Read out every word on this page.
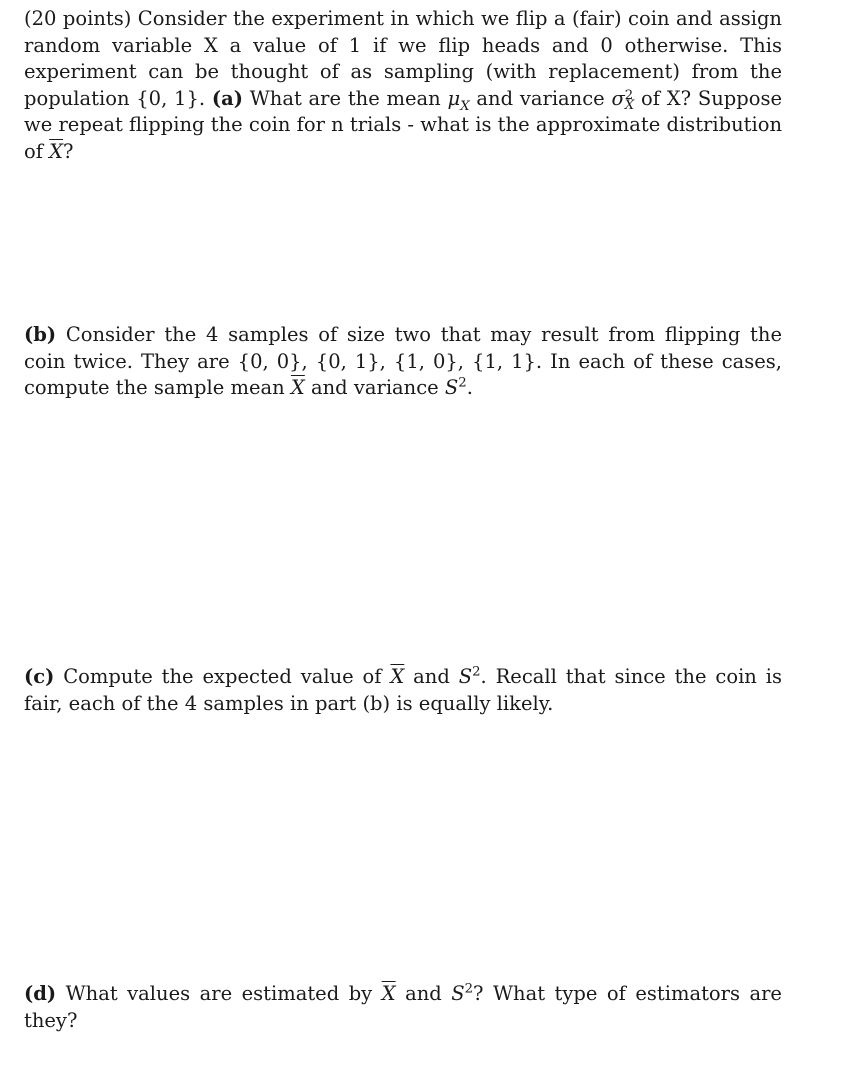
(20 points) Consider the experiment in which we flip a (fair) coin and assign random variable X a value of 1 if we flip heads and 0 otherwise. This experiment can be thought of as sampling (with replacement) from the population {0, 1}. (a) What are the mean $\mu_X$ and variance σ 2
X of X? Suppose we repeat flipping the coin for n trials - what is the approximate distribution of $\overline{X}$?

(b) Consider the 4 samples of size two that may result from flipping the coin twice. They are {0, 0}, {0, 1}, {1, 0}, {1, 1}. In each of these cases, compute the sample mean $\overline{X}$ and variance $S^2$.

(c) Compute the expected value of $\overline{X}$ and $S^2$. Recall that since the coin is fair, each of the 4 samples in part (b) is equally likely.

(d) What values are estimated by $\overline{X}$ and $S^2$? What type of estimators are they?
